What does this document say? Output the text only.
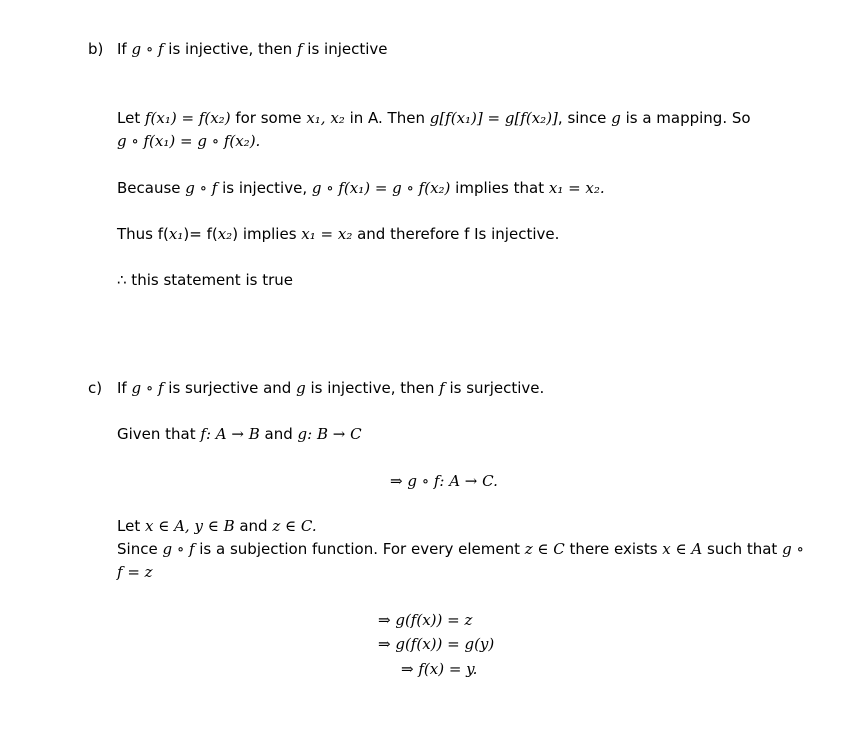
b) If g ∘ f is injective, then f is injective
Let f(x₁) = f(x₂) for some x₁, x₂ in A. Then g[f(x₁)] = g[f(x₂)], since g is a mapping. So
g ∘ f(x₁) = g ∘ f(x₂).
Because g ∘ f is injective, g ∘ f(x₁) = g ∘ f(x₂) implies that x₁ = x₂.
Thus f(x₁)= f(x₂) implies x₁ = x₂ and therefore f Is injective.
∴ this statement is true
c) If g ∘ f is surjective and g is injective, then f is surjective.
Given that f: A → B and g: B → C
⇒ g ∘ f: A → C.
Let x ∈ A, y ∈ B and z ∈ C.
Since g ∘ f is a subjection function. For every element z ∈ C there exists x ∈ A such that g ∘
f = z
⇒ g(f(x)) = z
⇒ g(f(x)) = g(y)
⇒ f(x) = y.
